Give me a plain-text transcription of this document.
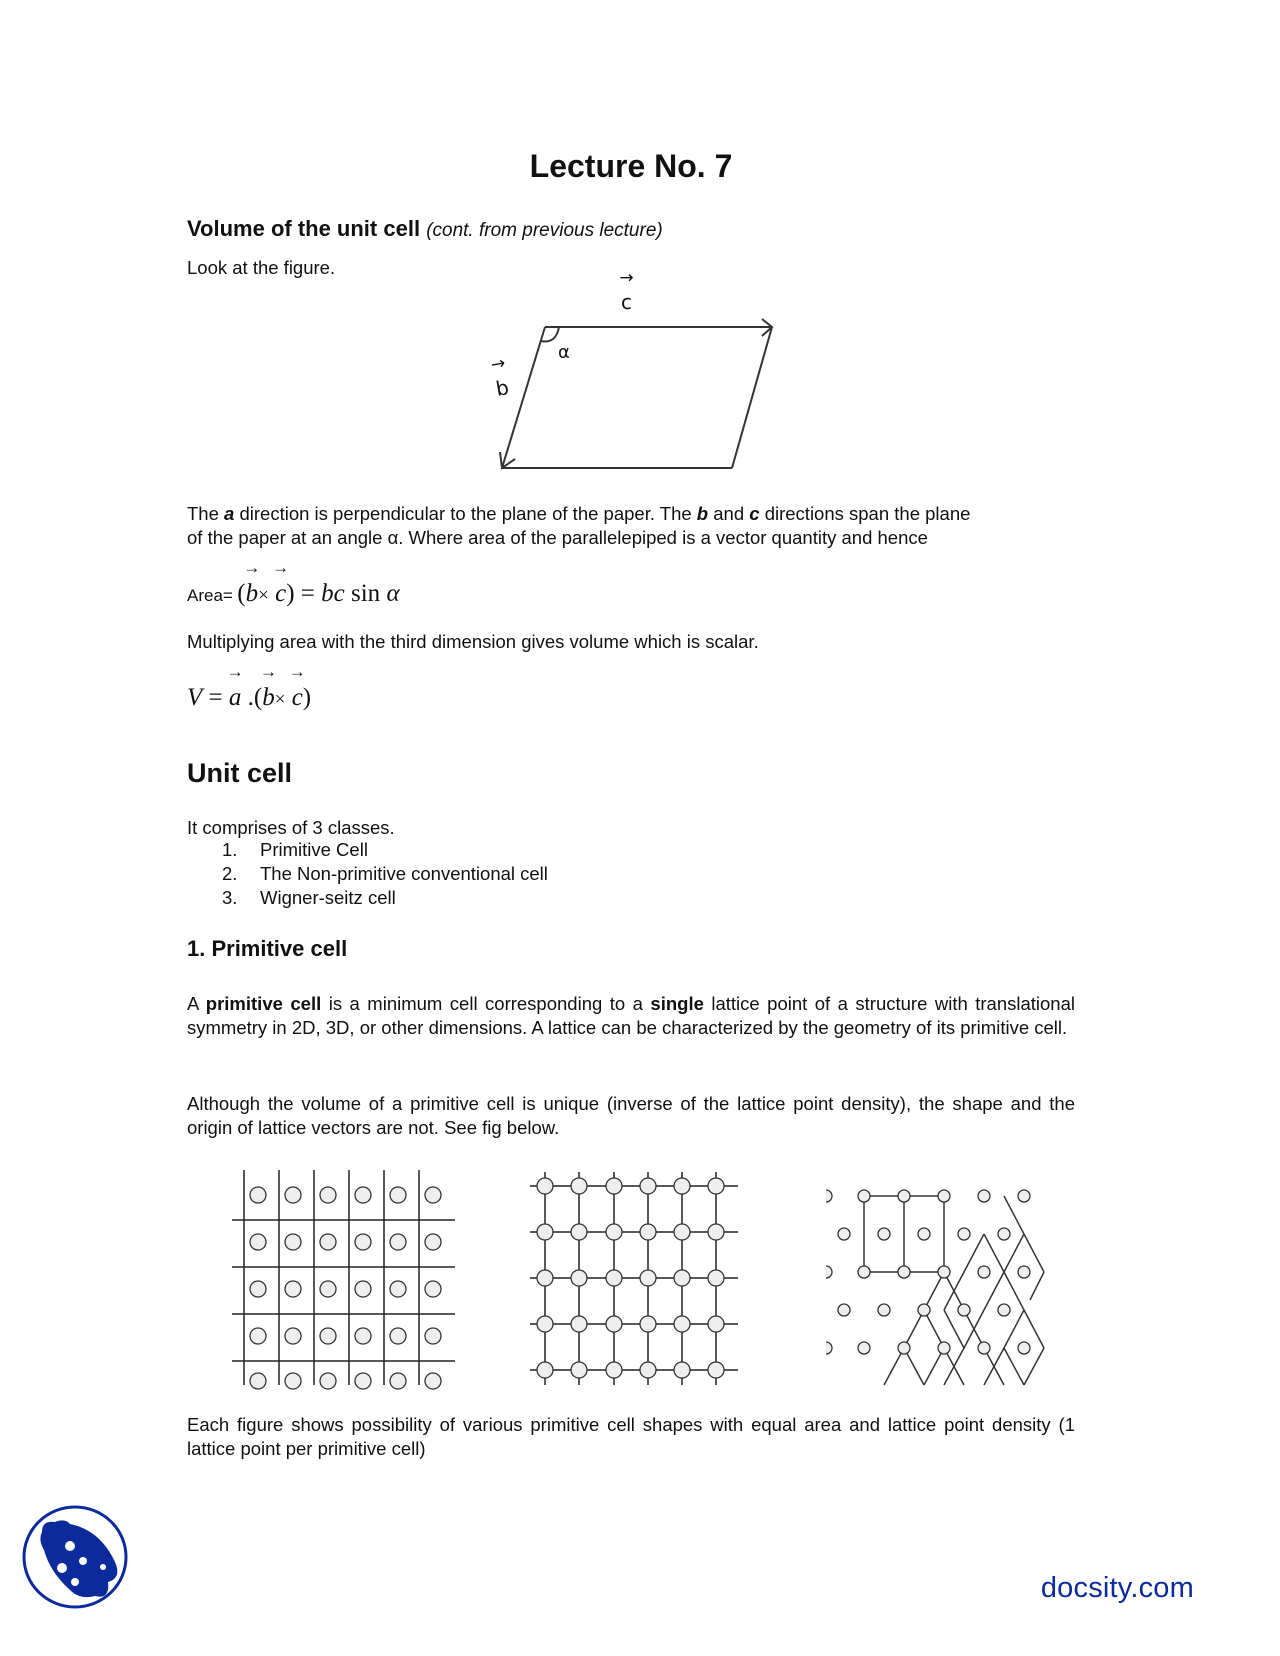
Lecture No. 7
Volume of the unit cell (cont. from previous lecture)
Look at the figure.
→ c
→ b
α
The a direction is perpendicular to the plane of the paper. The b and c directions span the plane
of the paper at an angle α. Where area of the parallelepiped is a vector quantity and hence
Area= (→ b× → c) = bc sin α
Multiplying area with the third dimension gives volume which is scalar.
V = → a .(→ b× → c)
Unit cell
It comprises of 3 classes.
1. Primitive Cell
2. The Non-primitive conventional cell
3. Wigner-seitz cell
1. Primitive cell
A primitive cell is a minimum cell corresponding to a single lattice point of a structure with translational symmetry in 2D, 3D, or other dimensions. A lattice can be characterized by the geometry of its primitive cell.
Although the volume of a primitive cell is unique (inverse of the lattice point density), the shape and the origin of lattice vectors are not. See fig below.
Each figure shows possibility of various primitive cell shapes with equal area and lattice point density (1 lattice point per primitive cell)
docsity.com
